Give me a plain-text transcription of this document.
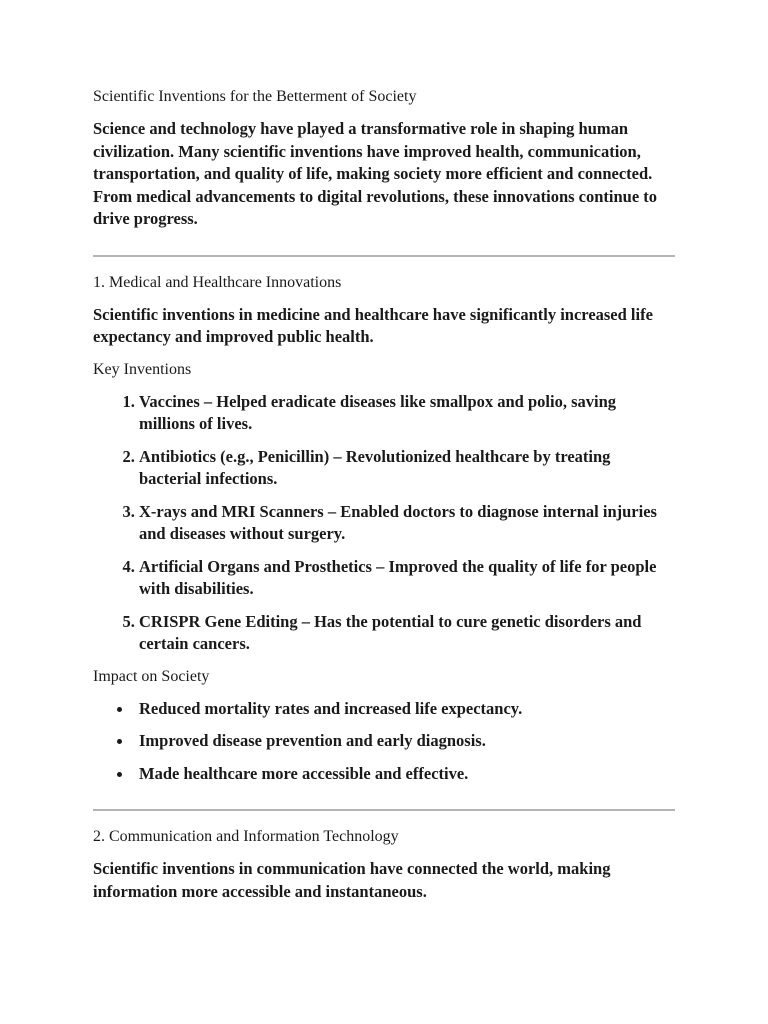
Scientific Inventions for the Betterment of Society

Science and technology have played a transformative role in shaping human civilization. Many scientific inventions have improved health, communication, transportation, and quality of life, making society more efficient and connected. From medical advancements to digital revolutions, these innovations continue to drive progress.

1. Medical and Healthcare Innovations

Scientific inventions in medicine and healthcare have significantly increased life expectancy and improved public health.

Key Inventions

1. Vaccines – Helped eradicate diseases like smallpox and polio, saving millions of lives.
2. Antibiotics (e.g., Penicillin) – Revolutionized healthcare by treating bacterial infections.
3. X-rays and MRI Scanners – Enabled doctors to diagnose internal injuries and diseases without surgery.
4. Artificial Organs and Prosthetics – Improved the quality of life for people with disabilities.
5. CRISPR Gene Editing – Has the potential to cure genetic disorders and certain cancers.

Impact on Society

Reduced mortality rates and increased life expectancy.
Improved disease prevention and early diagnosis.
Made healthcare more accessible and effective.

2. Communication and Information Technology

Scientific inventions in communication have connected the world, making information more accessible and instantaneous.
